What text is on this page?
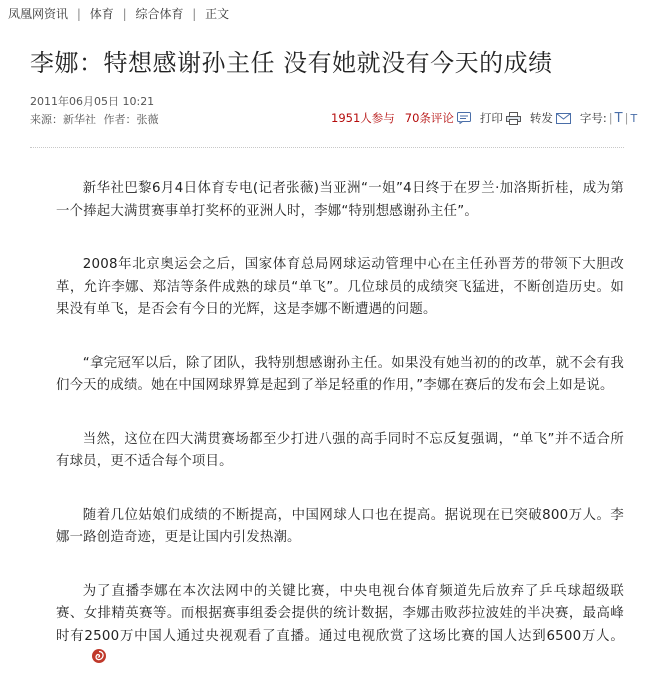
凤凰网资讯 | 体育 | 综合体育 | 正文
李娜：特想感谢孙主任 没有她就没有今天的成绩
2011年06月05日 10:21
来源：新华社 作者：张薇	1951人参与 70条评论 打印 转发 字号: | T | T

新华社巴黎6月4日体育专电(记者张薇)当亚洲“一姐”4日终于在罗兰·加洛斯折桂，成为第一个捧起大满贯赛事单打奖杯的亚洲人时，李娜“特别想感谢孙主任”。

2008年北京奥运会之后，国家体育总局网球运动管理中心在主任孙晋芳的带领下大胆改革，允许李娜、郑洁等条件成熟的球员“单飞”。几位球员的成绩突飞猛进，不断创造历史。如果没有单飞，是否会有今日的光辉，这是李娜不断遭遇的问题。

“拿完冠军以后，除了团队，我特别想感谢孙主任。如果没有她当初的的改革，就不会有我们今天的成绩。她在中国网球界算是起到了举足轻重的作用，”李娜在赛后的发布会上如是说。

当然，这位在四大满贯赛场都至少打进八强的高手同时不忘反复强调，“单飞”并不适合所有球员，更不适合每个项目。

随着几位姑娘们成绩的不断提高，中国网球人口也在提高。据说现在已突破800万人。李娜一路创造奇迹，更是让国内引发热潮。

为了直播李娜在本次法网中的关键比赛，中央电视台体育频道先后放弃了乒乓球超级联赛、女排精英赛等。而根据赛事组委会提供的统计数据，李娜击败莎拉波娃的半决赛，最高峰时有2500万中国人通过央视观看了直播。通过电视欣赏了这场比赛的国人达到6500万人。
